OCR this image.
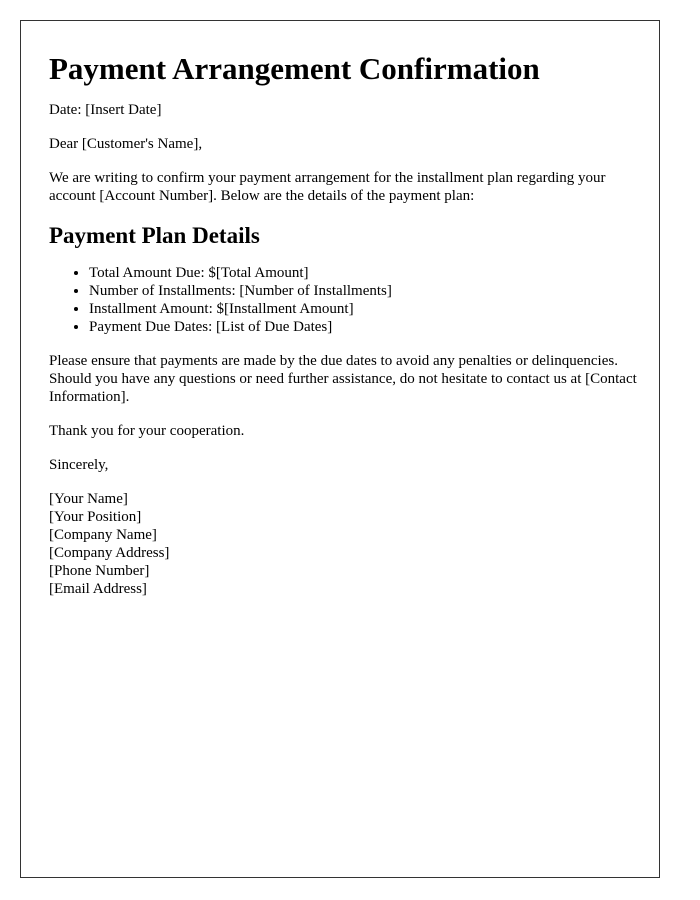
Payment Arrangement Confirmation

Date: [Insert Date]

Dear [Customer's Name],

We are writing to confirm your payment arrangement for the installment plan regarding your account [Account Number]. Below are the details of the payment plan:

Payment Plan Details
• Total Amount Due: $[Total Amount]
• Number of Installments: [Number of Installments]
• Installment Amount: $[Installment Amount]
• Payment Due Dates: [List of Due Dates]

Please ensure that payments are made by the due dates to avoid any penalties or delinquencies. Should you have any questions or need further assistance, do not hesitate to contact us at [Contact Information].

Thank you for your cooperation.

Sincerely,

[Your Name]
[Your Position]
[Company Name]
[Company Address]
[Phone Number]
[Email Address]
